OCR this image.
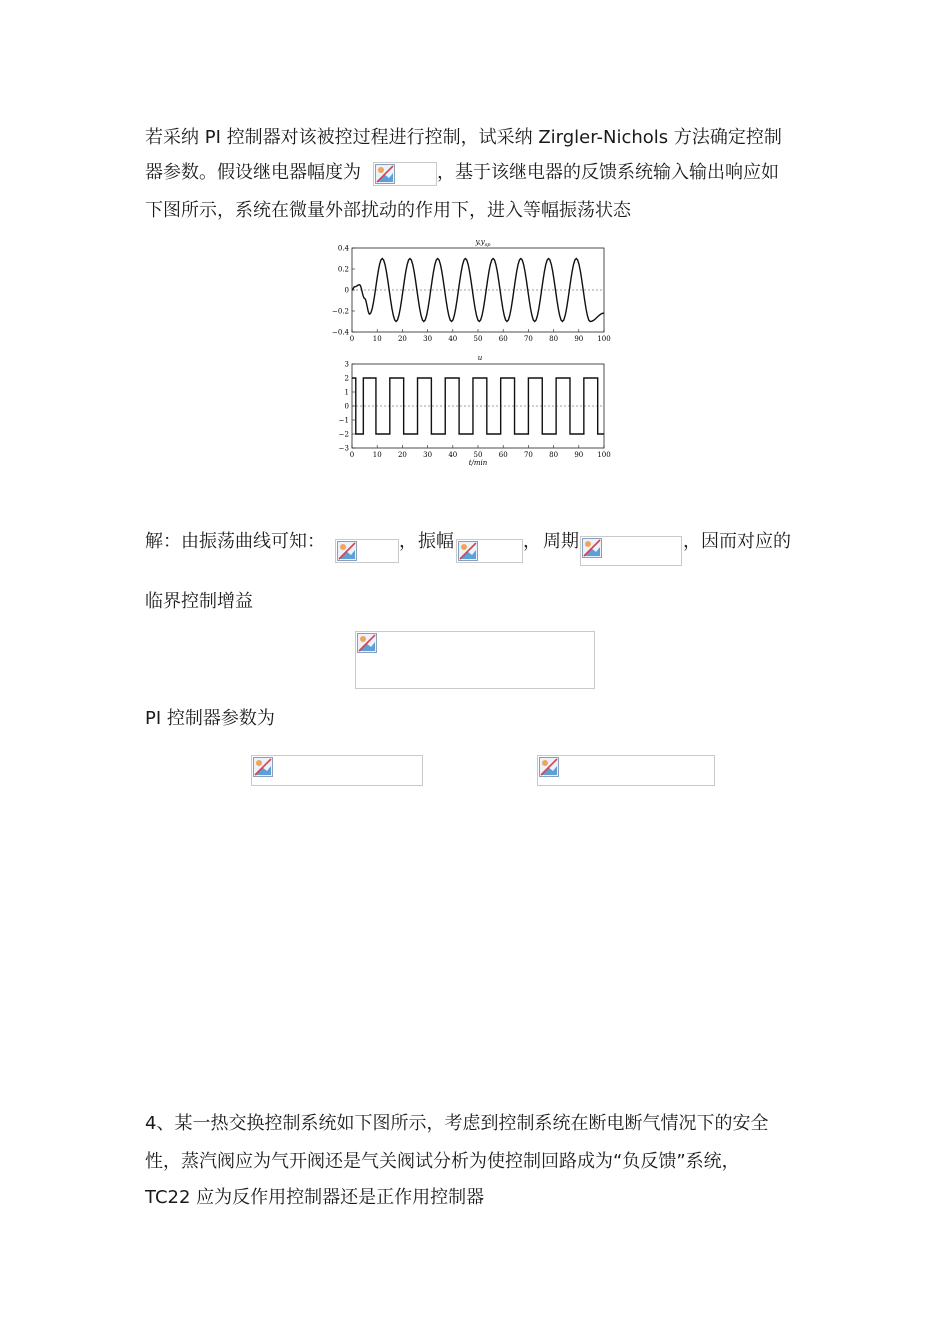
若采纳 PI 控制器对该被控过程进行控制，试采纳 Zirgler-Nichols 方法确定控制
器参数。假设继电器幅度为	，基于该继电器的反馈系统输入输出响应如
下图所示，系统在微量外部扰动的作用下，进入等幅振荡状态
$y,y_{sp}$
0.4
0.2
0
−0.2
−0.4
0	10 20 30 40 50 60 70 80 90 100
u
3
2
1
0
−1
−2
−3
0	10 20 30 40 50 60 70 80 90 100
t/min
解：由振荡曲线可知：	， 振幅	， 周期	，因而对应的
临界控制增益
PI 控制器参数为
4、某一热交换控制系统如下图所示，考虑到控制系统在断电断气情况下的安全
性，蒸汽阀应为气开阀还是气关阀试分析为使控制回路成为“负反馈”系统，
TC22 应为反作用控制器还是正作用控制器
